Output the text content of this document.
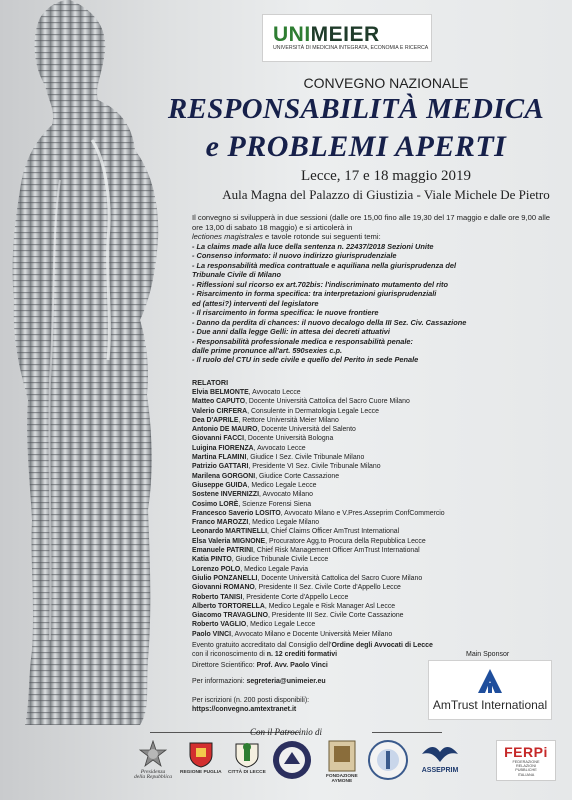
UNIMEIER
UNIVERSITÀ DI MEDICINA INTEGRATA, ECONOMIA E RICERCA
CONVEGNO NAZIONALE
RESPONSABILITÀ MEDICA
e PROBLEMI APERTI
Lecce, 17 e 18 maggio 2019
Aula Magna del Palazzo di Giustizia - Viale Michele De Pietro
Il convegno si svilupperà in due sessioni (dalle ore 15,00 fino alle 19,30 del 17 maggio e dalle ore 9,00 alle ore 13,00 di sabato 18 maggio) e si articolerà in
lectiones magistrales e tavole rotonde sui seguenti temi:
- La claims made alla luce della sentenza n. 22437/2018 Sezioni Unite
- Consenso informato: il nuovo indirizzo giurisprudenziale
- La responsabilità medica contrattuale e aquiliana nella giurisprudenza del
Tribunale Civile di Milano
- Riflessioni sul ricorso ex art.702bis: l'indiscriminato mutamento del rito
- Risarcimento in forma specifica: tra interpretazioni giurisprudenziali
ed (attesi?) interventi del legislatore
- Il risarcimento in forma specifica: le nuove frontiere
- Danno da perdita di chances: il nuovo decalogo della III Sez. Civ. Cassazione
- Due anni dalla legge Gelli: in attesa dei decreti attuativi
- Responsabilità professionale medica e responsabilità penale:
dalle prime pronunce all'art. 590sexies c.p.
- Il ruolo del CTU in sede civile e quello del Perito in sede Penale
RELATORI
Elvia BELMONTE, Avvocato Lecce
Matteo CAPUTO, Docente Università Cattolica del Sacro Cuore Milano
Valerio CIRFERA, Consulente in Dermatologia Legale Lecce
Dea D'APRILE, Rettore Università Meier Milano
Antonio DE MAURO, Docente Università del Salento
Giovanni FACCI, Docente Università Bologna
Luigina FIORENZA, Avvocato Lecce
Martina FLAMINI, Giudice I Sez. Civile Tribunale Milano
Patrizio GATTARI, Presidente VI Sez. Civile Tribunale Milano
Marilena GORGONI, Giudice Corte Cassazione
Giuseppe GUIDA, Medico Legale Lecce
Sostene INVERNIZZI, Avvocato Milano
Cosimo LORÈ, Scienze Forensi Siena
Francesco Saverio LOSITO, Avvocato Milano e V.Pres.Asseprim ConfCommercio
Franco MAROZZI, Medico Legale Milano
Leonardo MARTINELLI, Chief Claims Officer AmTrust International
Elsa Valeria MIGNONE, Procuratore Agg.to Procura della Repubblica Lecce
Emanuele PATRINI, Chief Risk Management Officer AmTrust International
Katia PINTO, Giudice Tribunale Civile Lecce
Lorenzo POLO, Medico Legale Pavia
Giulio PONZANELLI, Docente Università Cattolica del Sacro Cuore Milano
Giovanni ROMANO, Presidente II Sez. Civile Corte d'Appello Lecce
Roberto TANISI, Presidente Corte d'Appello Lecce
Alberto TORTORELLA, Medico Legale e Risk Manager Asl Lecce
Giacomo TRAVAGLINO, Presidente III Sez. Civile Corte Cassazione
Roberto VAGLIO, Medico Legale Lecce
Paolo VINCI, Avvocato Milano e Docente Università Meier Milano
Evento gratuito accreditato dal Consiglio dell'Ordine degli Avvocati di Lecce
con il riconoscimento di n. 12 crediti formativi
Direttore Scientifico: Prof. Avv. Paolo Vinci
Per informazioni: segreteria@unimeier.eu
Per iscrizioni (n. 200 posti disponibili):
https://convegno.amtextranet.it
Main Sponsor
AmTrust International
Con il Patrocinio di
Presidenza
della Repubblica
REGIONE PUGLIA CITTÀ DI LECCE
FONDAZIONE
AYMONE
ASSEPRIM
FERPi
FEDERAZIONE
RELAZIONI
PUBBLICHE
ITALIANA
